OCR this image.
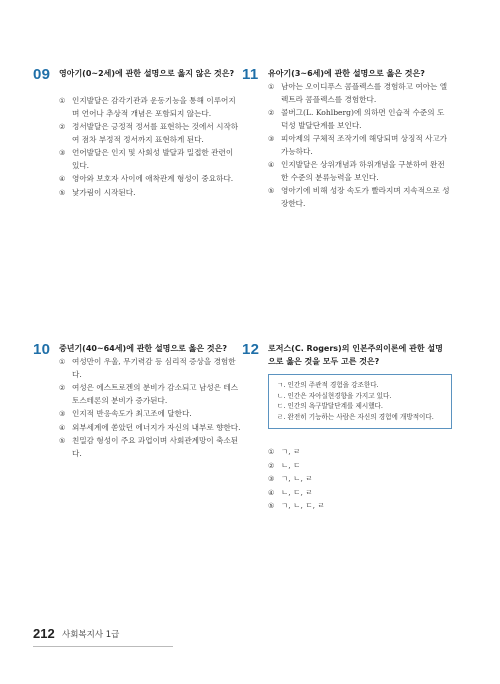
09 영아기(0~2세)에 관한 설명으로 옳지 않은 것은?
① 인지발달은 감각기관과 운동기능을 통해 이루어지며 언어나 추상적 개념은 포함되지 않는다.
② 정서발달은 긍정적 정서를 표현하는 것에서 시작하여 점차 부정적 정서까지 표현하게 된다.
③ 언어발달은 인지 및 사회성 발달과 밀접한 관련이 있다.
④ 영아와 보호자 사이에 애착관계 형성이 중요하다.
⑤ 낯가림이 시작된다.
11 유아기(3~6세)에 관한 설명으로 옳은 것은?
① 남아는 오이디푸스 콤플렉스를 경험하고 여아는 엘렉트라 콤플렉스를 경험한다.
② 콜버그(L. Kohlberg)에 의하면 인습적 수준의 도덕성 발달단계를 보인다.
③ 피아제의 구체적 조작기에 해당되며 상징적 사고가 가능하다.
④ 인지발달은 상위개념과 하위개념을 구분하여 완전한 수준의 분류능력을 보인다.
⑤ 영아기에 비해 성장 속도가 빨라지며 지속적으로 성장한다.
10 중년기(40~64세)에 관한 설명으로 옳은 것은?
① 여성만이 우울, 무기력감 등 심리적 증상을 경험한다.
② 여성은 에스트로겐의 분비가 감소되고 남성은 테스토스테론의 분비가 증가된다.
③ 인지적 반응속도가 최고조에 달한다.
④ 외부세계에 쏟았던 에너지가 자신의 내부로 향한다.
⑤ 친밀감 형성이 주요 과업이며 사회관계망이 축소된다.
12 로저스(C. Rogers)의 인본주의이론에 관한 설명으로 옳은 것을 모두 고른 것은?
ㄱ. 인간의 주관적 경험을 강조한다.
ㄴ. 인간은 자아실현경향을 가지고 있다.
ㄷ. 인간의 욕구발달단계를 제시했다.
ㄹ. 완전히 기능하는 사람은 자신의 경험에 개방적이다.
① ㄱ, ㄹ
② ㄴ, ㄷ
③ ㄱ, ㄴ, ㄹ
④ ㄴ, ㄷ, ㄹ
⑤ ㄱ, ㄴ, ㄷ, ㄹ
212 사회복지사 1급
